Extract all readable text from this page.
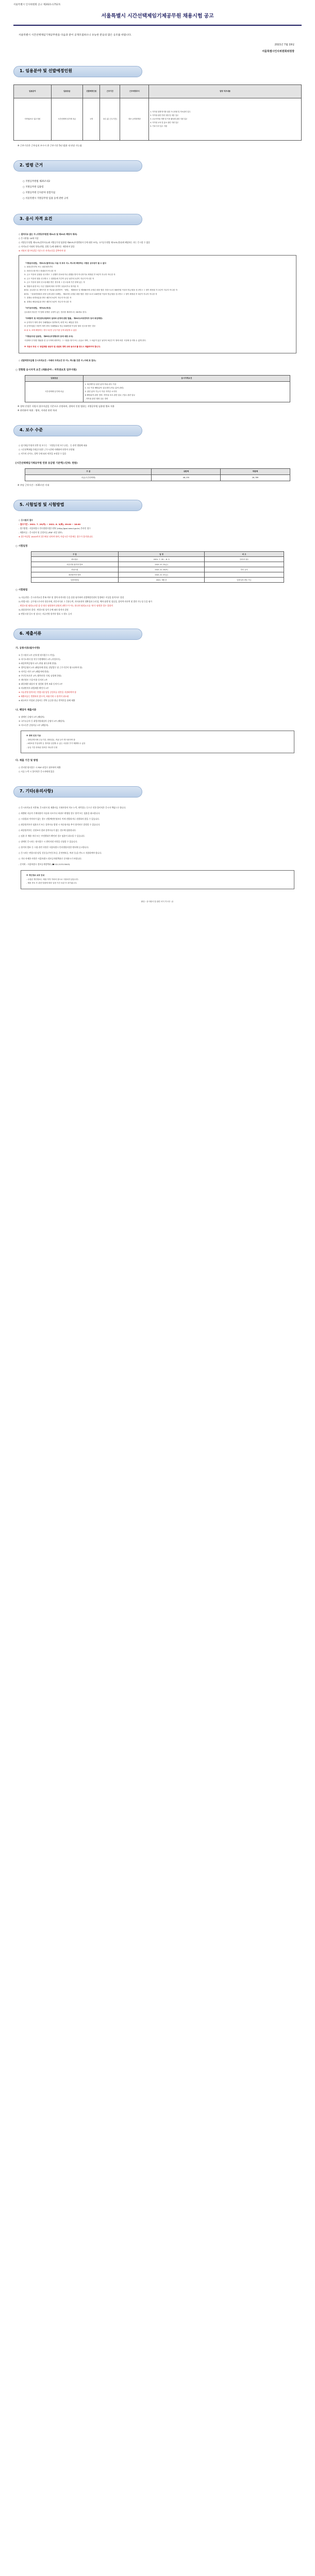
서울특별시 인사위원회 공고 제2021-1752호
서울특별시 시간선택제임기제공무원 채용시험 공고
서울특별시 시간선택제임기제공무원을 다음과 같이 공개모집하오니 유능한 분들의 많은 응모를 바랍니다.
2021년 7월 19일
서울특별시인사위원회위원장
1. 임용분야 및 선발예정인원
임용분야	임용등급	선발예정인원	근무기간	근무예정부서	담당 직무내용
저작권보호 업무지원	시간선택제 임기제 마급	1명	2년 (총 근무기간)	정보 공개정책과	1. 저작권 침해 방지를 위한 모니터링 및 자료관리 업무
2. 저작권 관련 민원 상담 및 대응 업무
3. 공공저작물 개방 및 이용 활성화 관련 지원 업무
4. 저작권 교육 및 홍보 관련 지원 업무
5. 기타 부서 업무 지원
※ 근무기간은 근무실적 우수시 총 근무기간 5년 범위 내 연장 가능함
2. 법령 근거
○ 지방공무원법 제25조의2
○ 지방공무원 임용령
○ 지방공무원 인사분야 통합지침
○ 서울특별시 지방공무원 임용 등에 관한 규칙
3. 응시 자격 요건
○ 결격사유 없는 자 (지방공무원법 제31조 및 제33조 해당자 제외)
○ 응시연령: 18세 이상
○ 지방공무원법 제31조(결격사유)와 지방공무원 임용령 제65조(부정행위자 등에 대한 조치), 국가공무원법 제74조(정년)에 해당하는 자는 응시할 수 없음
○ 자격요건 이외의 항목(연령, 성별 등)에 대해서는 제한하지 않음
※ 지원서 접수마감일 기준으로 자격요건을 갖추어야 함
「지방공무원법」 제31조(결격사유) 다음 각 호의 어느 하나에 해당하는 사람은 공무원이 될 수 없다
1. 피성년후견인 또는 피한정후견인
2. 파산선고를 받고 복권되지 아니한 자
3. 금고 이상의 실형을 선고받고 그 집행이 종료되거나 집행을 받지 아니하기로 확정된 후 5년이 지나지 아니한 자
4. 금고 이상의 형을 선고받고 그 집행유예 기간이 끝난 날부터 2년이 지나지 아니한 자
5. 금고 이상의 형의 선고유예를 받은 경우에 그 선고유예 기간 중에 있는 자
6. 법원의 판결 또는 다른 법률에 따라 자격이 상실되거나 정지된 자
6의2. 공무원으로 재직기간 중 직무와 관련하여 「형법」 제355조 및 제356조에 규정된 죄를 범한 사람으로서 300만원 이상의 벌금형을 선고받고 그 형이 확정된 후 2년이 지나지 아니한 자
6의3. 「성폭력범죄의 처벌 등에 관한 특례법」 제2조에 규정된 죄를 범한 사람으로서 100만원 이상의 벌금형을 선고받고 그 형이 확정된 후 3년이 지나지 아니한 자
7. 징계로 파면처분을 받은 때부터 5년이 지나지 아니한 자
8. 징계로 해임처분을 받은 때부터 3년이 지나지 아니한 자
「국가공무원법」 제74조(정년)
공무원의 정년은 이 법에 특별한 규정이 있는 경우를 제외하고는 60세로 한다.
「부패방지 및 국민권익위원회의 설치와 운영에 관한 법률」 제82조(비위면직자 등의 취업제한)
① 공직자가 재직 중의 부패행위로 당연퇴직, 파면 또는 해임된 경우
② 공직자였던 사람이 재직 중의 부패행위로 벌금 300만원 이상의 형의 선고를 받은 경우
※ 위 ①, ②에 해당하는 경우 5년간 공공기관 등에 취업할 수 없음
「지방공무원 임용령」 제65조(부정행위자 등에 대한 조치)
시험에서 부정한 행위를 한 응시자에 대하여는 그 시험을 정지 또는 무효로 하며, 그 처분이 있은 날부터 5년간 이 영에 의한 시험에 응시할 수 없게 한다.
※ 지원서 작성 시 '취업제한 대상자 및 성범죄 경력 조회 동의서'를 반드시 제출하여야 합니다.
○ 선발예정직급별 응시자격요건 : 아래의 자격요건 중 어느 하나를 갖춘 자 (아래 표 참조)
○ 전형별 응시자격 요건 (채용분야 : 저작권보호 업무지원)
임용등급	응시자격요건
시간선택제 임기제 마급	1. 3년제이상 관련 분야 학위 취득 이상
2. 1년 이상 해당분야 실무경력 (직무 분야 관련)
3. 관련 분야 기능사 이상 자격증 소지자
※ 해당분야 관련 경력: 저작권 보호 관련 업무 / 법무 관련 업무
- 저작권 관련 행정 실무 경력
※ 경력 인정은 지원서 접수마감일 기준으로 산정하며, 경력의 인정 범위는 지방공무원 임용령 별표 적용
※ 관련분야 학위 : 법학, 저작권 관련 학과
4. 보수 수준
○ 임기제공무원의 연봉 및 보수는 「지방공무원 보수규정」 등 관련 법령에 따름
○ 시간선택제임기제공무원은 근무시간에 비례하여 연봉이 산정됨
○ 직무의 난이도, 경력 등에 따라 연봉을 조정할 수 있음
[시간선택제임기제공무원 연봉 등급별 기준액] (단위: 천원)
구 분	상한액	하한액
마급(시간선택제)	46,155	26,789
※ 주당 근무시간 : 주35시간 이내
5. 시험일정 및 시험방법
○ 응시원서 접수
- 접수기간 : 2021. 7. 29(목) ~ 2021. 8. 3(화), 09:00 ~ 18:00
- 접수방법 : 서울특별시 인터넷원서접수센터 (http://gosi.seoul.go.kr) 온라인 접수
- 제출서류 : 응시원서 및 증빙서류 (PDF 파일 첨부)
※ 접수마감일 18:00까지 접수완료 되어야 하며, 마감시간 이후에는 접수가 불가합니다.
○ 시험일정
구 분	일 정	비 고
원서접수	2021. 7. 29 ~ 8. 3	인터넷 접수
서류전형 합격자 발표	2021. 8. 13(금)	
면접시험	2021. 8. 19(목)	추후 공지
최종합격자 발표	2021. 8. 27(금)	
임용예정일	2021. 9월 중	임용일정 변동 가능
○ 시험방법
1) 서류전형 : 응시자격요건 충족 여부 및 경력·자격사항 등을 종합 평가하여 선발예정인원의 일정배수 이상을 합격자로 결정
2) 면접시험 : 공무원으로서의 정신자세, 전문지식과 그 응용능력, 의사표현의 정확성과 논리성, 예의·품행 및 성실성, 창의력·의지력 및 발전 가능성 등을 평가
- 면접시험 평정요소별 상·중·하로 평정하며 위원의 과반수가 어느 하나의 평정요소를 '하'로 평정한 경우 불합격
3) 최종합격자 결정 : 면접시험 성적 순에 따라 합격자 결정
※ 면접시험 일시 및 장소는 서류전형 합격자 발표 시 별도 공지
6. 제출서류
가. 공통서류(필수사항)
① 응시원서 1부 (인터넷 원서접수시 작성)
② 자기소개서 및 직무수행계획서 1부 (지정서식)
③ 최종학력증명서 1부 (학위 취득자에 한함)
④ 경력증명서 1부 (해당자에 한함, 담당업무 및 근무기간이 명시되어야 함)
⑤ 자격증 사본 1부 (해당자에 한함)
⑥ 주민등록초본 1부 (병역사항 기재, 남성에 한함)
⑦ 개인정보 수집·이용 동의서 1부
⑧ 취업제한 대상자 및 성범죄 경력 조회 동의서 1부
⑨ 비위면직자 취업제한 확인서 1부
※ 서류전형 합격자는 면접시험 당일 증빙서류 원본을 지참하여야 함
※ 제출서류는 반환하지 않으며, 허위기재 시 합격이 취소됨
※ 외국어로 작성된 증명서는 번역 공증한 한글 번역본을 함께 제출
나. 해당자 제출서류
① 장애인 증명서 1부 (해당자)
② 국가유공자 등 취업지원대상자 증명서 1부 (해당자)
③ 저소득층 증명서류 1부 (해당자)
※ 경력 인정 기준
- 경력증명서에 근무기간, 담당업무, 직위 등이 명시되어야 함
- 4대보험 가입내역 등 경력을 입증할 수 있는 서류를 추가 제출할 수 있음
- 동일 기간 중복된 경력은 하나만 인정
다. 제출 기간 및 방법
○ 인터넷 원서접수 시 PDF 파일로 첨부하여 제출
○ 서류 누락 시 불이익은 응시자에게 있음
7. 기타(유의사항)
○ 응시자격요건 미충족, 응시원서 및 제출서류 기재사항의 착오·누락, 연락불능 등으로 인한 불이익은 응시자 책임으로 합니다.
○ 제출된 서류의 기재내용이 사실과 다르거나 허위로 판명될 경우 합격 또는 임용을 취소합니다.
○ 시험결과 적격자가 없는 경우 선발예정인원보다 적게 선발하거나 선발하지 않을 수 있습니다.
○ 최종합격자가 임용포기 또는 결격사유 발생 시 차순위자를 추가 합격자로 결정할 수 있습니다.
○ 최종합격자는 신원조사 결과 결격사유가 없는 경우에 임용합니다.
○ 임용 후 채용 비리 또는 부정행위가 확인된 경우 임용이 취소될 수 있습니다.
○ 장애인 응시자는 원서접수 시 편의지원 사항을 신청할 수 있습니다.
○ 합격자 발표 등 시험 관련 사항은 서울특별시 인터넷원서접수센터에 공고합니다.
○ 응시자는 면접시험 당일 신분증(주민등록증, 운전면허증, 여권 등)을 반드시 지참하여야 합니다.
○ 기타 자세한 사항은 서울특별시 정보공개정책과로 문의하시기 바랍니다.
- 문의처 : 서울특별시 정보공개정책과 (☎ 02-2133-5043)
※ 개인정보 보호 안내
- 수집된 개인정보는 채용 목적 이외의 용도로 사용되지 않습니다.
- 채용 종료 후 관련 법령에 따라 일정 기간 보관 후 파기됩니다.
붙임 : 응시원서 및 관련 서식 각 1부. 끝.
